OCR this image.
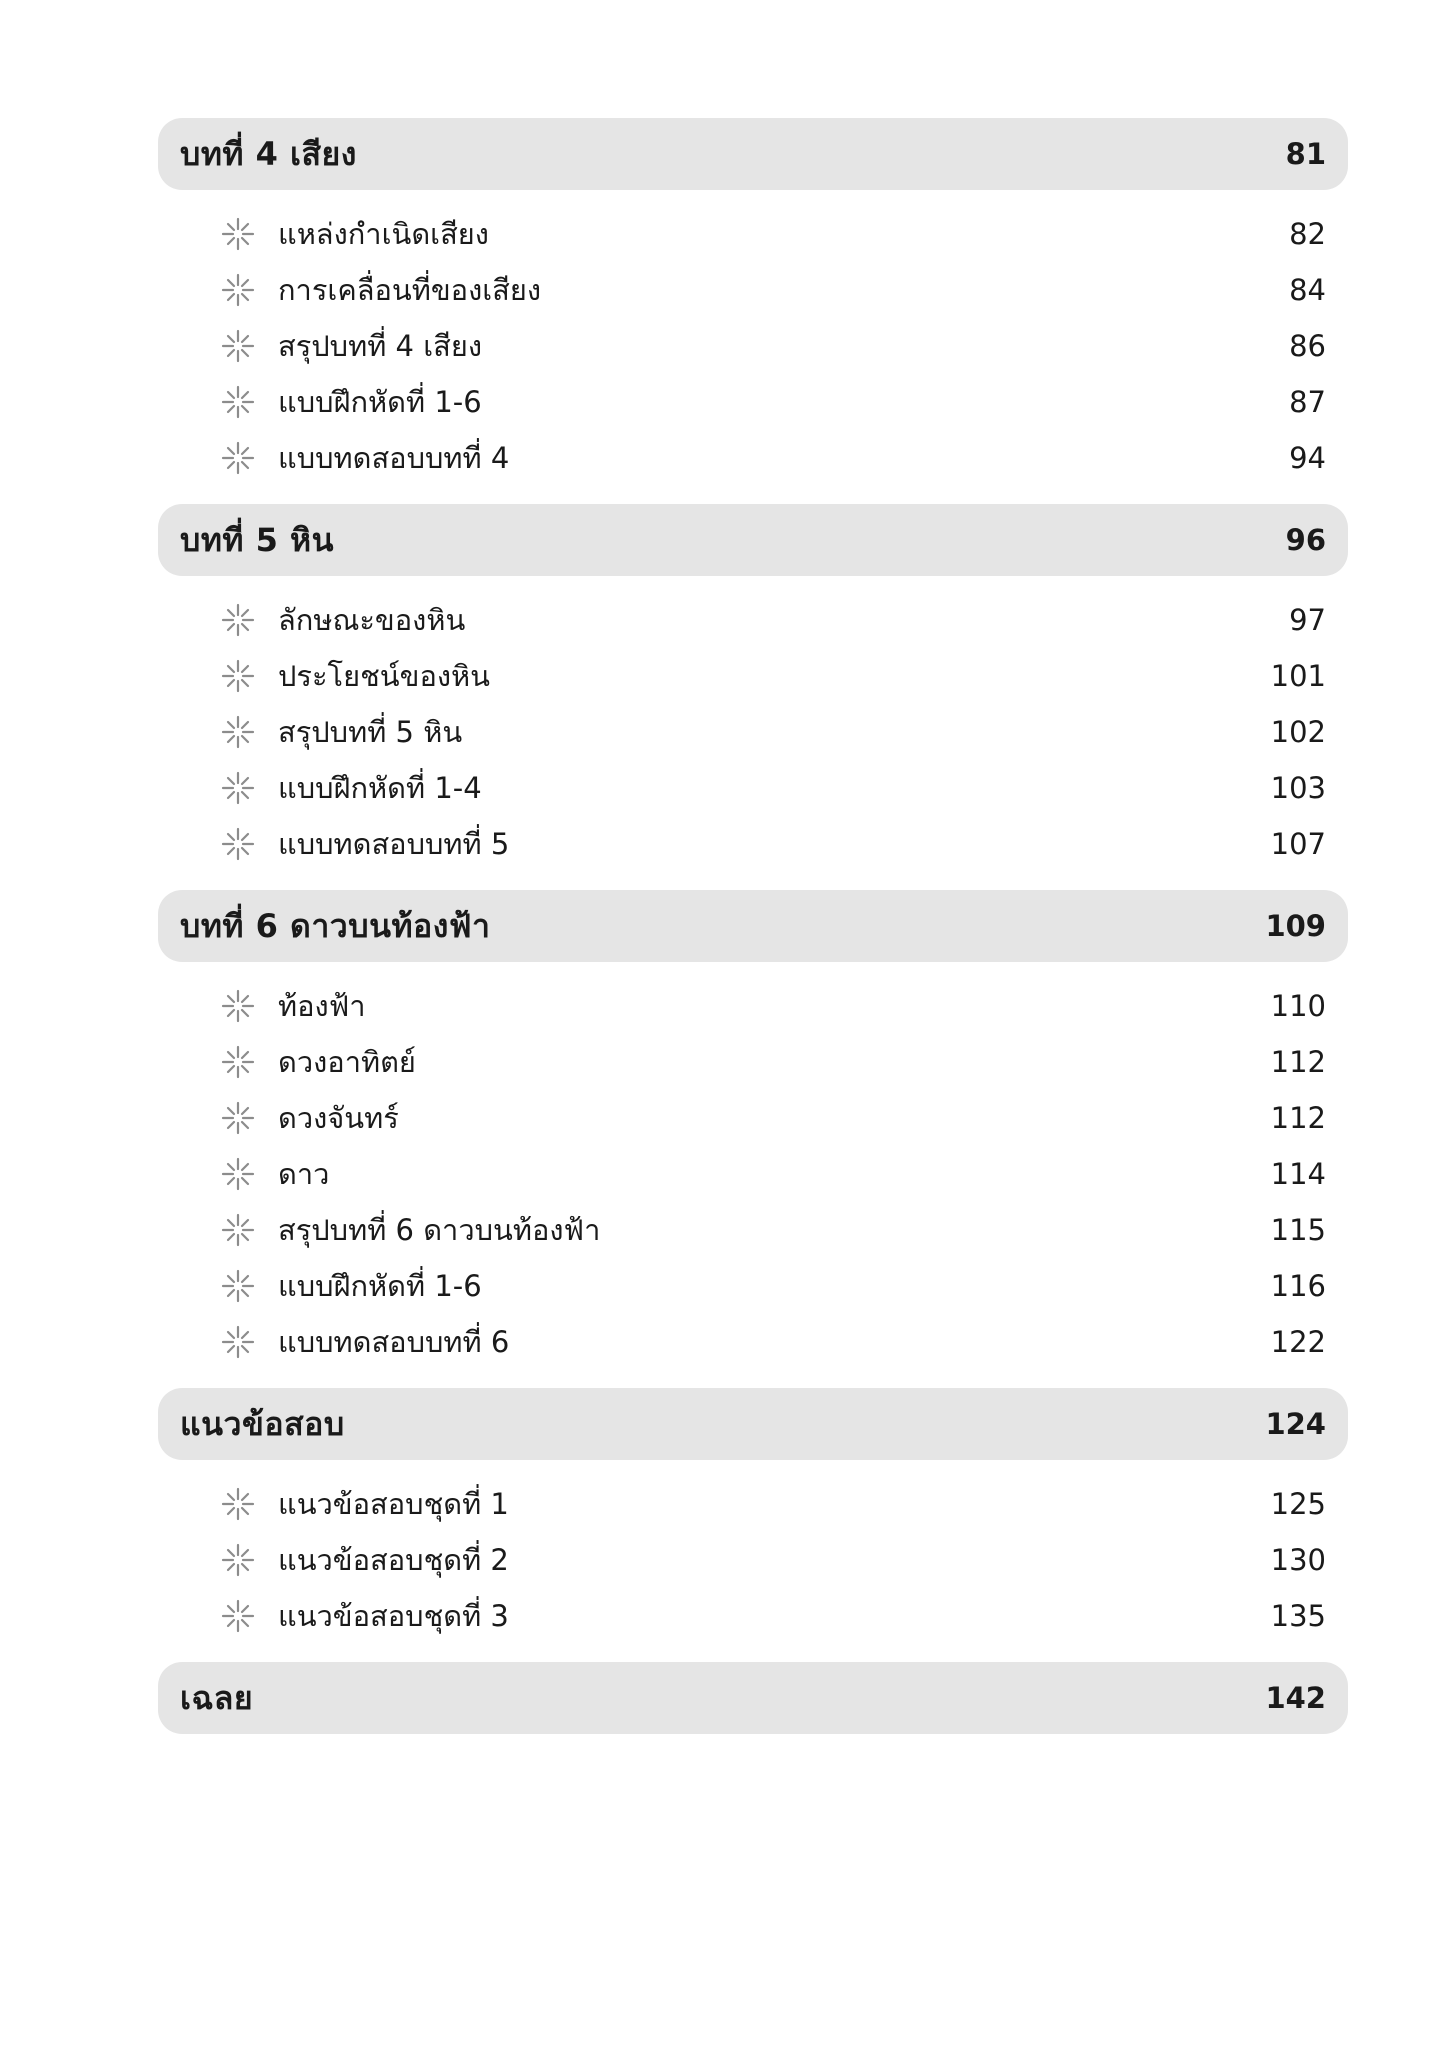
บทที่ 4 เสียง	81
แหล่งกำเนิดเสียง	82
การเคลื่อนที่ของเสียง	84
สรุปบทที่ 4 เสียง	86
แบบฝึกหัดที่ 1-6	87
แบบทดสอบบทที่ 4	94
บทที่ 5 หิน	96
ลักษณะของหิน	97
ประโยชน์ของหิน	101
สรุปบทที่ 5 หิน	102
แบบฝึกหัดที่ 1-4	103
แบบทดสอบบทที่ 5	107
บทที่ 6 ดาวบนท้องฟ้า	109
ท้องฟ้า	110
ดวงอาทิตย์	112
ดวงจันทร์	112
ดาว	114
สรุปบทที่ 6 ดาวบนท้องฟ้า	115
แบบฝึกหัดที่ 1-6	116
แบบทดสอบบทที่ 6	122
แนวข้อสอบ	124
แนวข้อสอบชุดที่ 1	125
แนวข้อสอบชุดที่ 2	130
แนวข้อสอบชุดที่ 3	135
เฉลย	142
